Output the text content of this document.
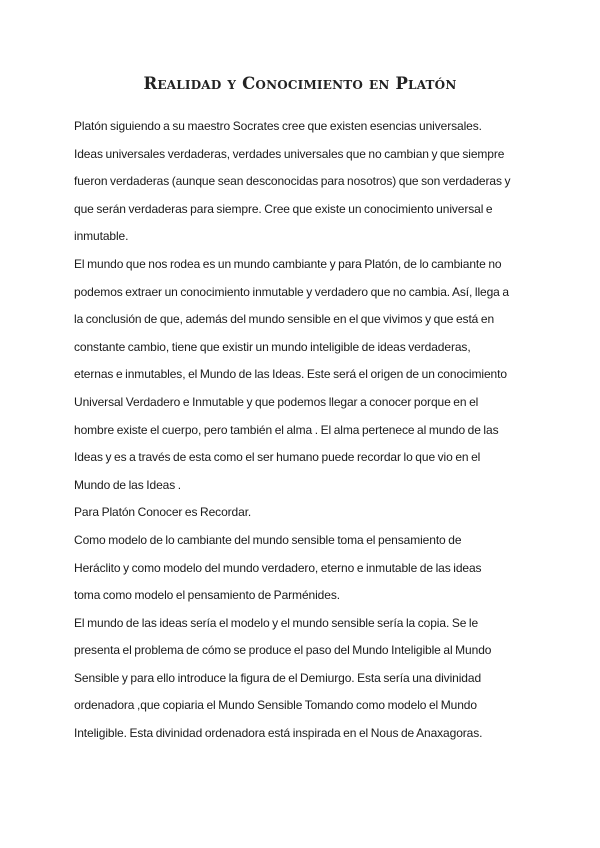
Realidad y Conocimiento en Platón

Platón siguiendo a su maestro Socrates cree que existen esencias universales.

Ideas universales verdaderas, verdades universales que no cambian y que siempre

fueron verdaderas (aunque sean desconocidas para nosotros) que son verdaderas y

que serán verdaderas para siempre. Cree que existe un conocimiento universal e

inmutable.

El mundo que nos rodea es un mundo cambiante y para Platón, de lo cambiante no

podemos extraer un conocimiento inmutable y verdadero que no cambia. Así, llega a

la conclusión de que, además del mundo sensible en el que vivimos y que está en

constante cambio, tiene que existir un mundo inteligible de ideas verdaderas,

eternas e inmutables, el Mundo de las Ideas. Este será el origen de un conocimiento

Universal Verdadero e Inmutable y que podemos llegar a conocer porque en el

hombre existe el cuerpo, pero también el alma . El alma pertenece al mundo de las

Ideas y es a través de esta como el ser humano puede recordar lo que vio en el

Mundo de las Ideas .

Para Platón Conocer es Recordar.

Como modelo de lo cambiante del mundo sensible toma el pensamiento de

Heráclito y como modelo del mundo verdadero, eterno e inmutable de las ideas

toma como modelo el pensamiento de Parménides.

El mundo de las ideas sería el modelo y el mundo sensible sería la copia. Se le

presenta el problema de cómo se produce el paso del Mundo Inteligible al Mundo

Sensible y para ello introduce la figura de el Demiurgo. Esta sería una divinidad

ordenadora ,que copiaria el Mundo Sensible Tomando como modelo el Mundo

Inteligible. Esta divinidad ordenadora está inspirada en el Nous de Anaxagoras.
